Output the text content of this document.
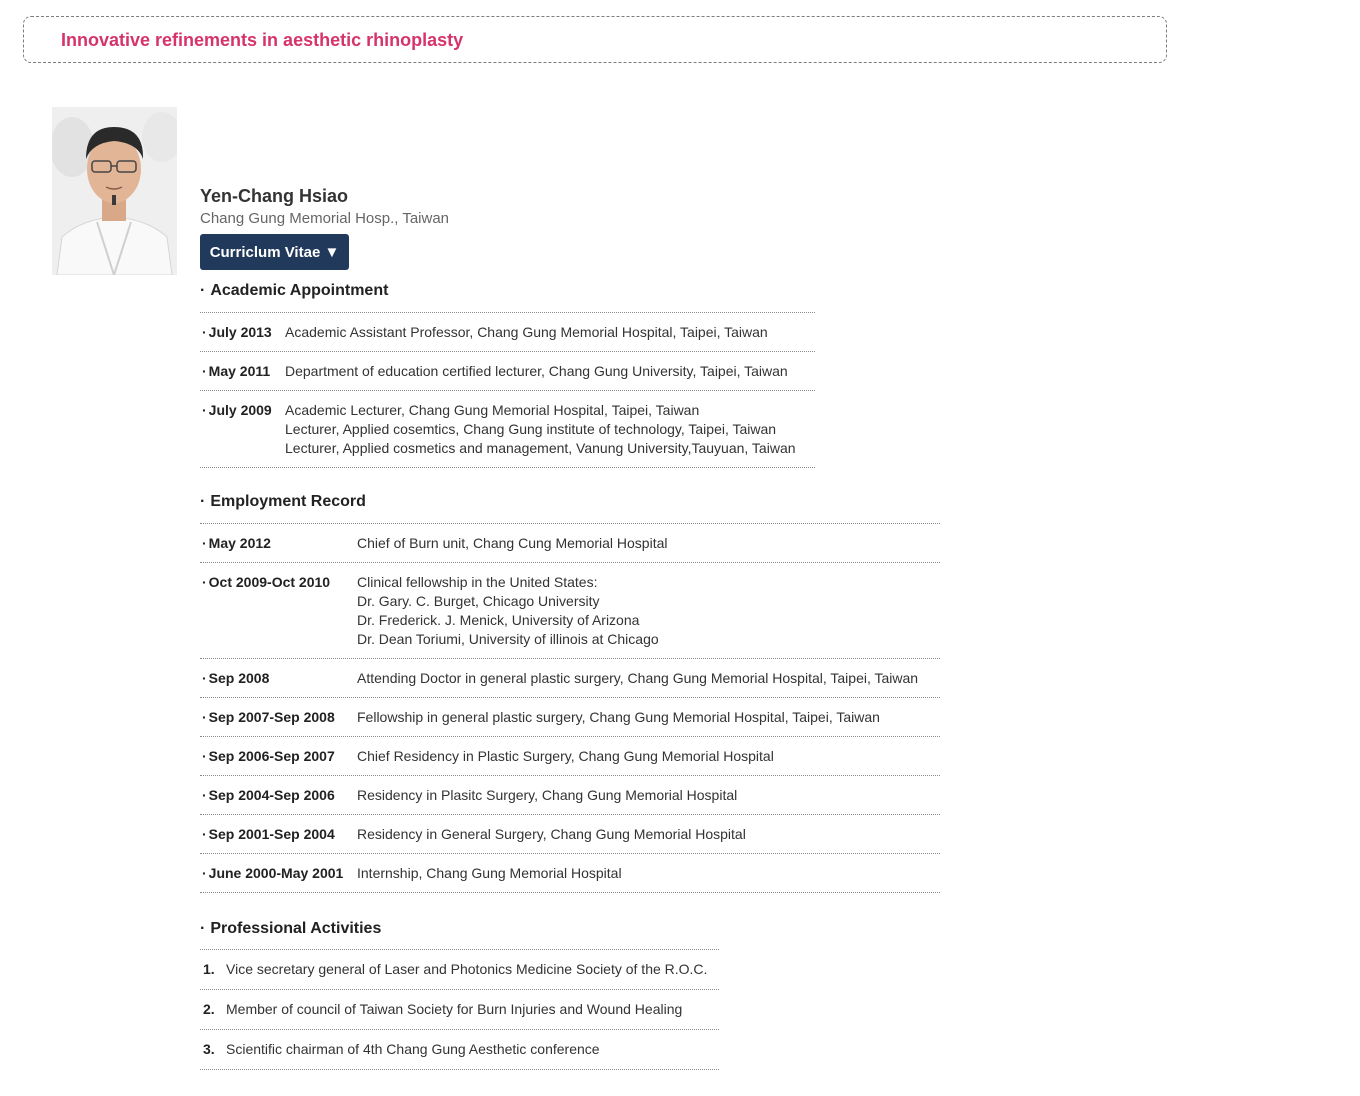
Innovative refinements in aesthetic rhinoplasty
Yen-Chang Hsiao
Chang Gung Memorial Hosp., Taiwan
Curriclum Vitae ▼
· Academic Appointment
· July 2013 Academic Assistant Professor, Chang Gung Memorial Hospital, Taipei, Taiwan
· May 2011	Department of education certified lecturer, Chang Gung University, Taipei, Taiwan
· July 2009 Academic Lecturer, Chang Gung Memorial Hospital, Taipei, Taiwan
Lecturer, Applied cosemtics, Chang Gung institute of technology, Taipei, Taiwan
Lecturer, Applied cosmetics and management, Vanung University,Tauyuan, Taiwan
· Employment Record
· May 2012	Chief of Burn unit, Chang Cung Memorial Hospital
· Oct 2009-Oct 2010	Clinical fellowship in the United States:
Dr. Gary. C. Burget, Chicago University
Dr. Frederick. J. Menick, University of Arizona
Dr. Dean Toriumi, University of illinois at Chicago
· Sep 2008	Attending Doctor in general plastic surgery, Chang Gung Memorial Hospital, Taipei, Taiwan
· Sep 2007-Sep 2008	Fellowship in general plastic surgery, Chang Gung Memorial Hospital, Taipei, Taiwan
· Sep 2006-Sep 2007	Chief Residency in Plastic Surgery, Chang Gung Memorial Hospital
· Sep 2004-Sep 2006	Residency in Plasitc Surgery, Chang Gung Memorial Hospital
· Sep 2001-Sep 2004	Residency in General Surgery, Chang Gung Memorial Hospital
· June 2000-May 2001 Internship, Chang Gung Memorial Hospital
· Professional Activities
1. Vice secretary general of Laser and Photonics Medicine Society of the R.O.C.
2. Member of council of Taiwan Society for Burn Injuries and Wound Healing
3. Scientific chairman of 4th Chang Gung Aesthetic conference
